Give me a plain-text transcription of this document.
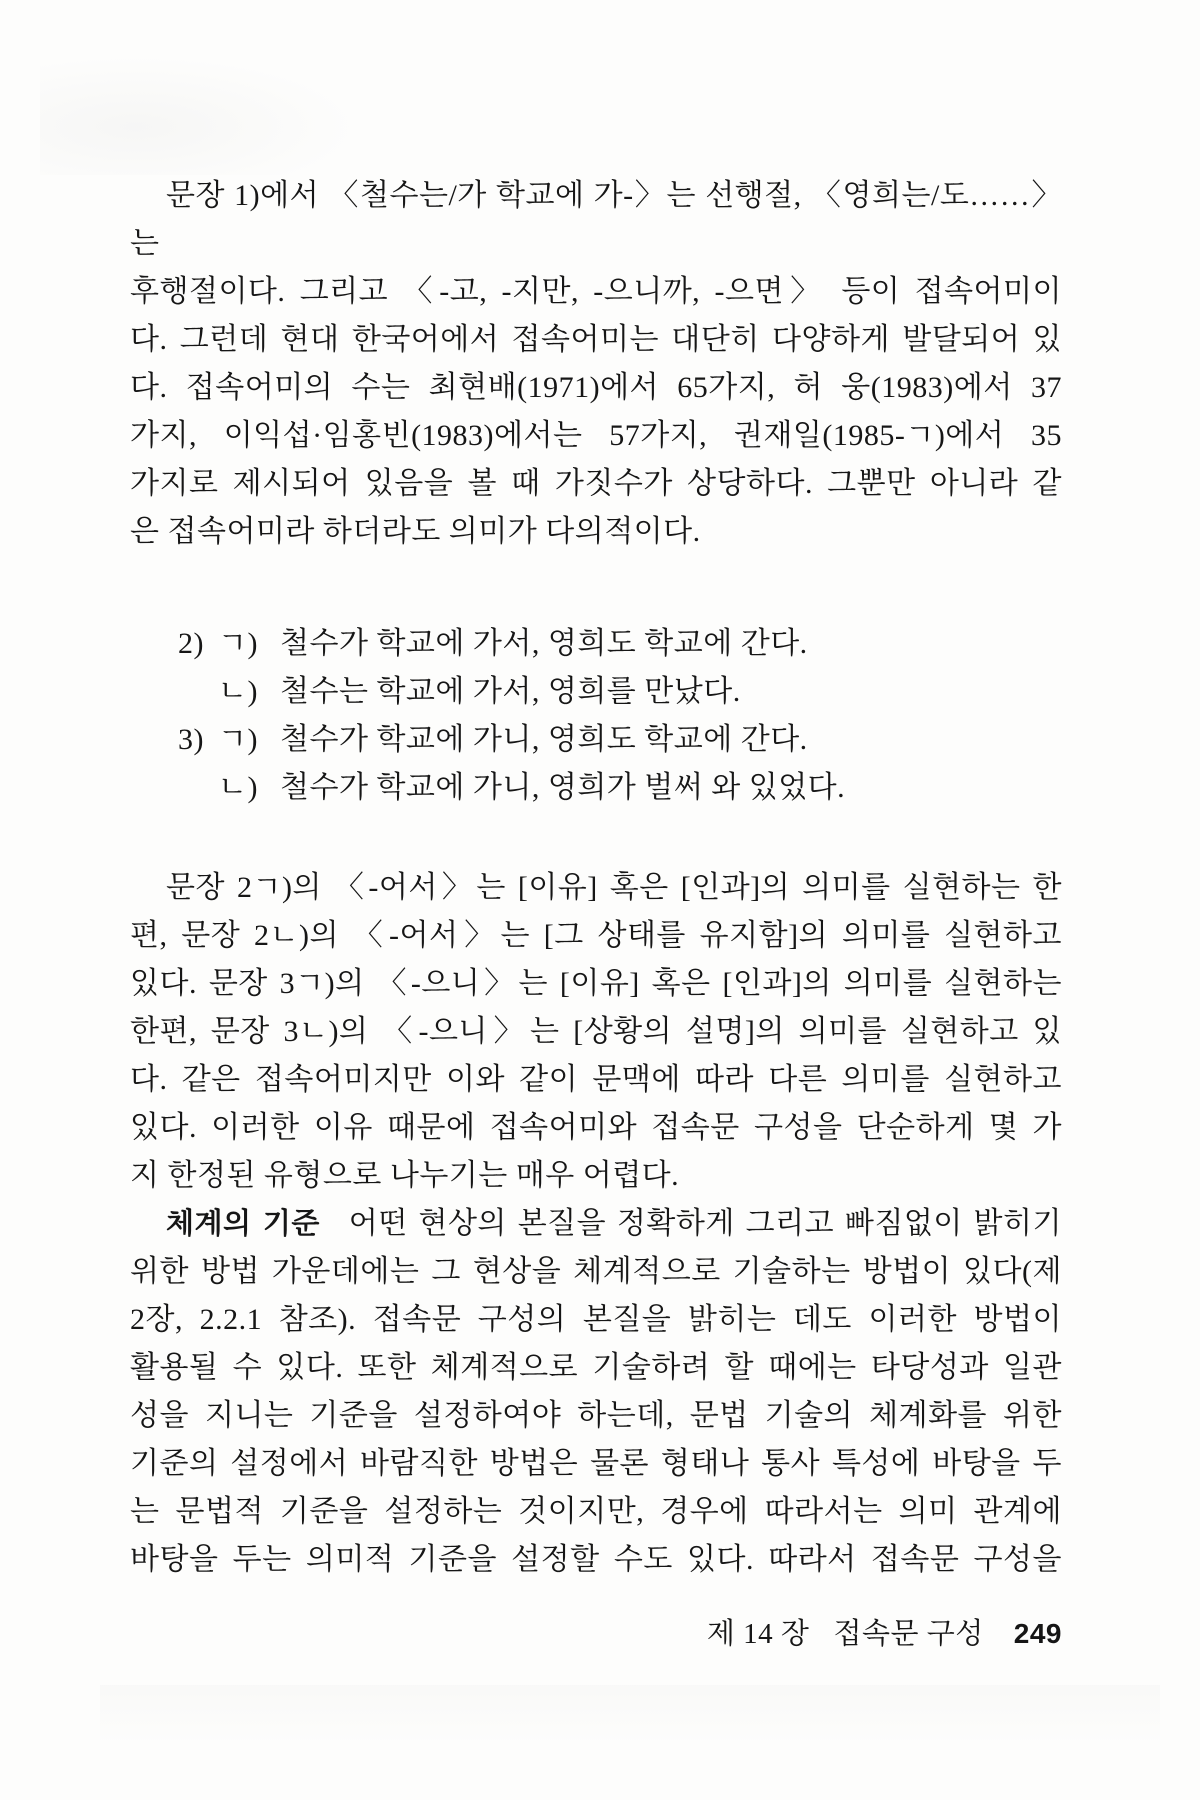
문장 1)에서 〈철수는/가 학교에 가-〉는 선행절, 〈영희는/도……〉는
후행절이다. 그리고 〈-고, -지만, -으니까, -으면〉 등이 접속어미이
다. 그런데 현대 한국어에서 접속어미는 대단히 다양하게 발달되어 있
다. 접속어미의 수는 최현배(1971)에서 65가지, 허 웅(1983)에서 37
가지, 이익섭·임홍빈(1983)에서는 57가지, 권재일(1985-ㄱ)에서 35
가지로 제시되어 있음을 볼 때 가짓수가 상당하다. 그뿐만 아니라 같
은 접속어미라 하더라도 의미가 다의적이다.
2) ㄱ) 철수가 학교에 가서, 영희도 학교에 간다.
ㄴ) 철수는 학교에 가서, 영희를 만났다.
3) ㄱ) 철수가 학교에 가니, 영희도 학교에 간다.
ㄴ) 철수가 학교에 가니, 영희가 벌써 와 있었다.
문장 2ㄱ)의 〈-어서〉는 [이유] 혹은 [인과]의 의미를 실현하는 한
편, 문장 2ㄴ)의 〈-어서〉는 [그 상태를 유지함]의 의미를 실현하고
있다. 문장 3ㄱ)의 〈-으니〉는 [이유] 혹은 [인과]의 의미를 실현하는
한편, 문장 3ㄴ)의 〈-으니〉는 [상황의 설명]의 의미를 실현하고 있
다. 같은 접속어미지만 이와 같이 문맥에 따라 다른 의미를 실현하고
있다. 이러한 이유 때문에 접속어미와 접속문 구성을 단순하게 몇 가
지 한정된 유형으로 나누기는 매우 어렵다.
체계의 기준 어떤 현상의 본질을 정확하게 그리고 빠짐없이 밝히기
위한 방법 가운데에는 그 현상을 체계적으로 기술하는 방법이 있다(제
2장, 2.2.1 참조). 접속문 구성의 본질을 밝히는 데도 이러한 방법이
활용될 수 있다. 또한 체계적으로 기술하려 할 때에는 타당성과 일관
성을 지니는 기준을 설정하여야 하는데, 문법 기술의 체계화를 위한
기준의 설정에서 바람직한 방법은 물론 형태나 통사 특성에 바탕을 두
는 문법적 기준을 설정하는 것이지만, 경우에 따라서는 의미 관계에
바탕을 두는 의미적 기준을 설정할 수도 있다. 따라서 접속문 구성을
제 14 장 접속문 구성 249
